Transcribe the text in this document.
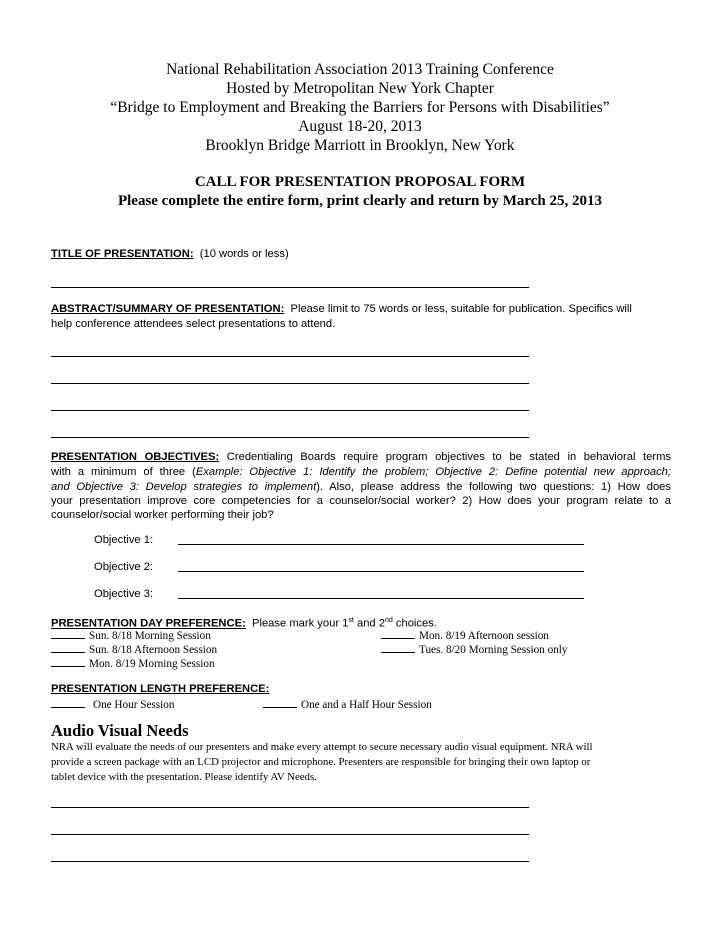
National Rehabilitation Association 2013 Training Conference
Hosted by Metropolitan New York Chapter
“Bridge to Employment and Breaking the Barriers for Persons with Disabilities”
August 18-20, 2013
Brooklyn Bridge Marriott in Brooklyn, New York
CALL FOR PRESENTATION PROPOSAL FORM
Please complete the entire form, print clearly and return by March 25, 2013
TITLE OF PRESENTATION: (10 words or less)
ABSTRACT/SUMMARY OF PRESENTATION: Please limit to 75 words or less, suitable for publication. Specifics will
help conference attendees select presentations to attend.
PRESENTATION OBJECTIVES: Credentialing Boards require program objectives to be stated in behavioral terms
with a minimum of three (Example: Objective 1: Identify the problem; Objective 2: Define potential new approach;
and Objective 3: Develop strategies to implement). Also, please address the following two questions: 1) How does
your presentation improve core competencies for a counselor/social worker? 2) How does your program relate to a
counselor/social worker performing their job?
Objective 1:
Objective 2:
Objective 3:
PRESENTATION DAY PREFERENCE: Please mark your 1st and 2nd choices.
Sun. 8/18 Morning Session	Mon. 8/19 Afternoon session
Sun. 8/18 Afternoon Session	Tues. 8/20 Morning Session only
Mon. 8/19 Morning Session
PRESENTATION LENGTH PREFERENCE:
One Hour Session	One and a Half Hour Session
Audio Visual Needs
NRA will evaluate the needs of our presenters and make every attempt to secure necessary audio visual equipment. NRA will
provide a screen package with an LCD projector and microphone. Presenters are responsible for bringing their own laptop or
tablet device with the presentation. Please identify AV Needs.
